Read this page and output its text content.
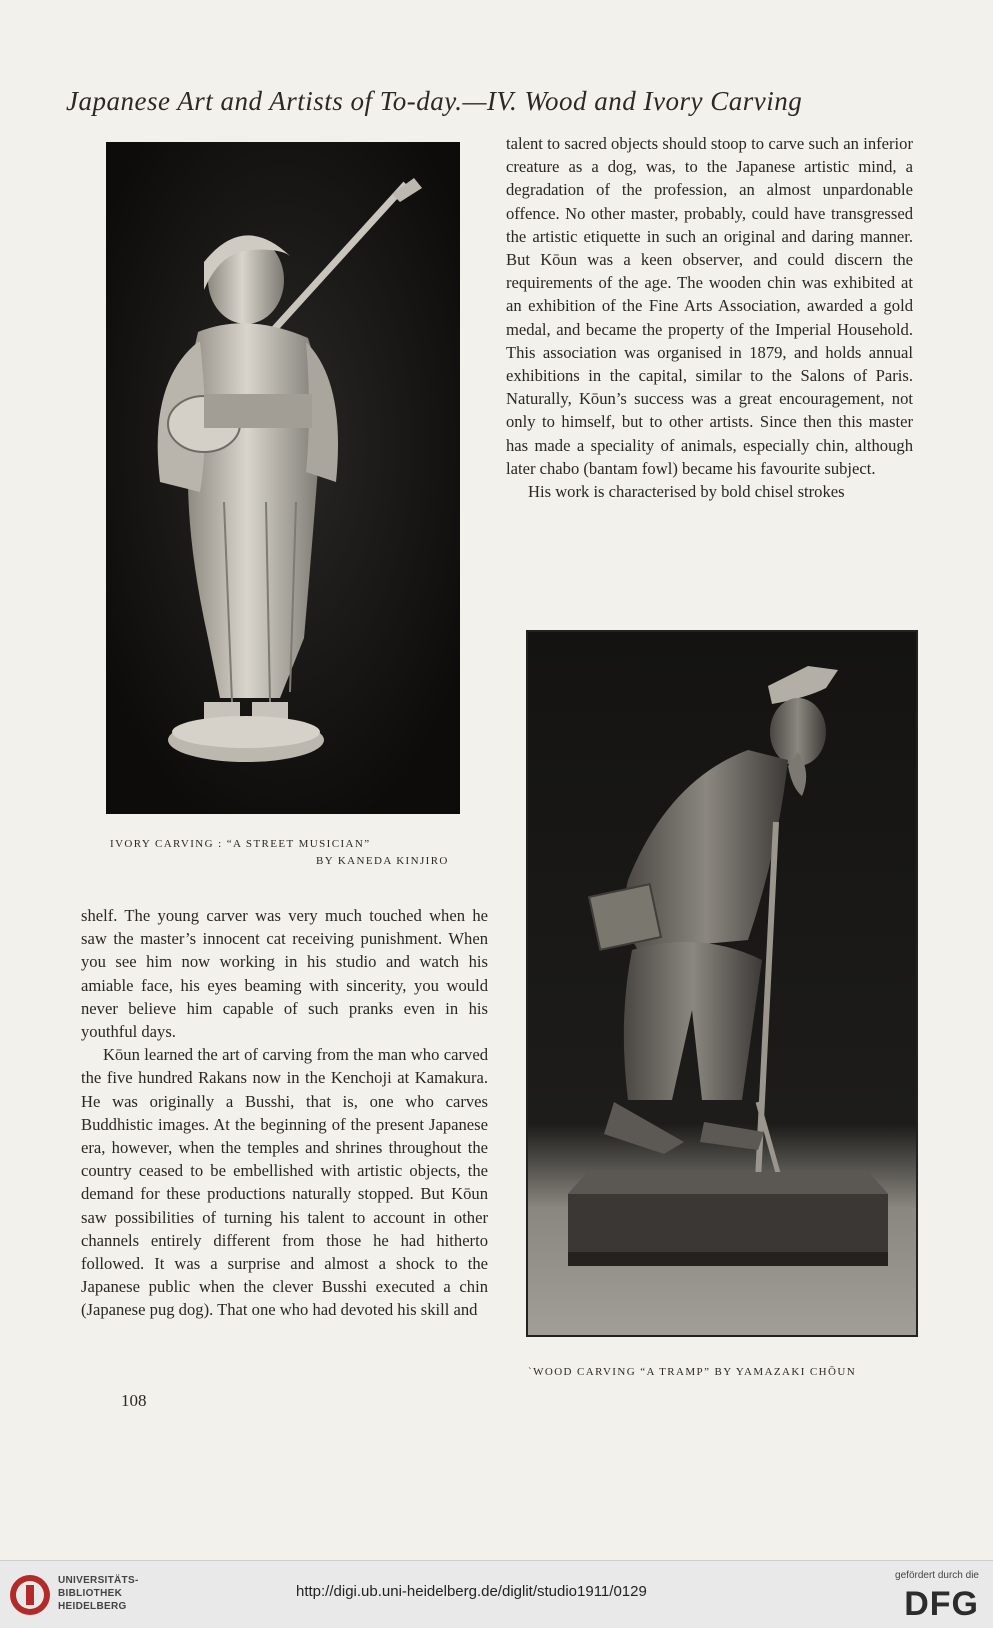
Japanese Art and Artists of To-day.—IV. Wood and Ivory Carving
IVORY CARVING : “A STREET MUSICIAN”
BY KANEDA KINJIRO

talent to sacred objects should stoop to carve such an inferior creature as a dog, was, to the Japanese artistic mind, a degradation of the profession, an almost unpardonable offence. No other master, probably, could have transgressed the artistic etiquette in such an original and daring manner. But Kōun was a keen observer, and could discern the requirements of the age. The wooden chin was exhibited at an exhibition of the Fine Arts Association, awarded a gold medal, and became the property of the Imperial Household. This association was organised in 1879, and holds annual exhibitions in the capital, similar to the Salons of Paris. Naturally, Kōun’s success was a great encouragement, not only to himself, but to other artists. Since then this master has made a speciality of animals, especially chin, although later chabo (bantam fowl) became his favourite subject.

His work is characterised by bold chisel strokes

ˋWOOD CARVING “A TRAMP” BY YAMAZAKI CHŌUN

shelf. The young carver was very much touched when he saw the master’s innocent cat receiving punishment. When you see him now working in his studio and watch his amiable face, his eyes beaming with sincerity, you would never believe him capable of such pranks even in his youthful days.

Kōun learned the art of carving from the man who carved the five hundred Rakans now in the Kenchoji at Kamakura. He was originally a Busshi, that is, one who carves Buddhistic images. At the beginning of the present Japanese era, however, when the temples and shrines throughout the country ceased to be embellished with artistic objects, the demand for these productions naturally stopped. But Kōun saw possibilities of turning his talent to account in other channels entirely different from those he had hitherto followed. It was a surprise and almost a shock to the Japanese public when the clever Busshi executed a chin (Japanese pug dog). That one who had devoted his skill and

108
UNIVERSITÄTS-
BIBLIOTHEK
HEIDELBERG
http://digi.ub.uni-heidelberg.de/diglit/studio1911/0129
gefördert durch die
DFG
